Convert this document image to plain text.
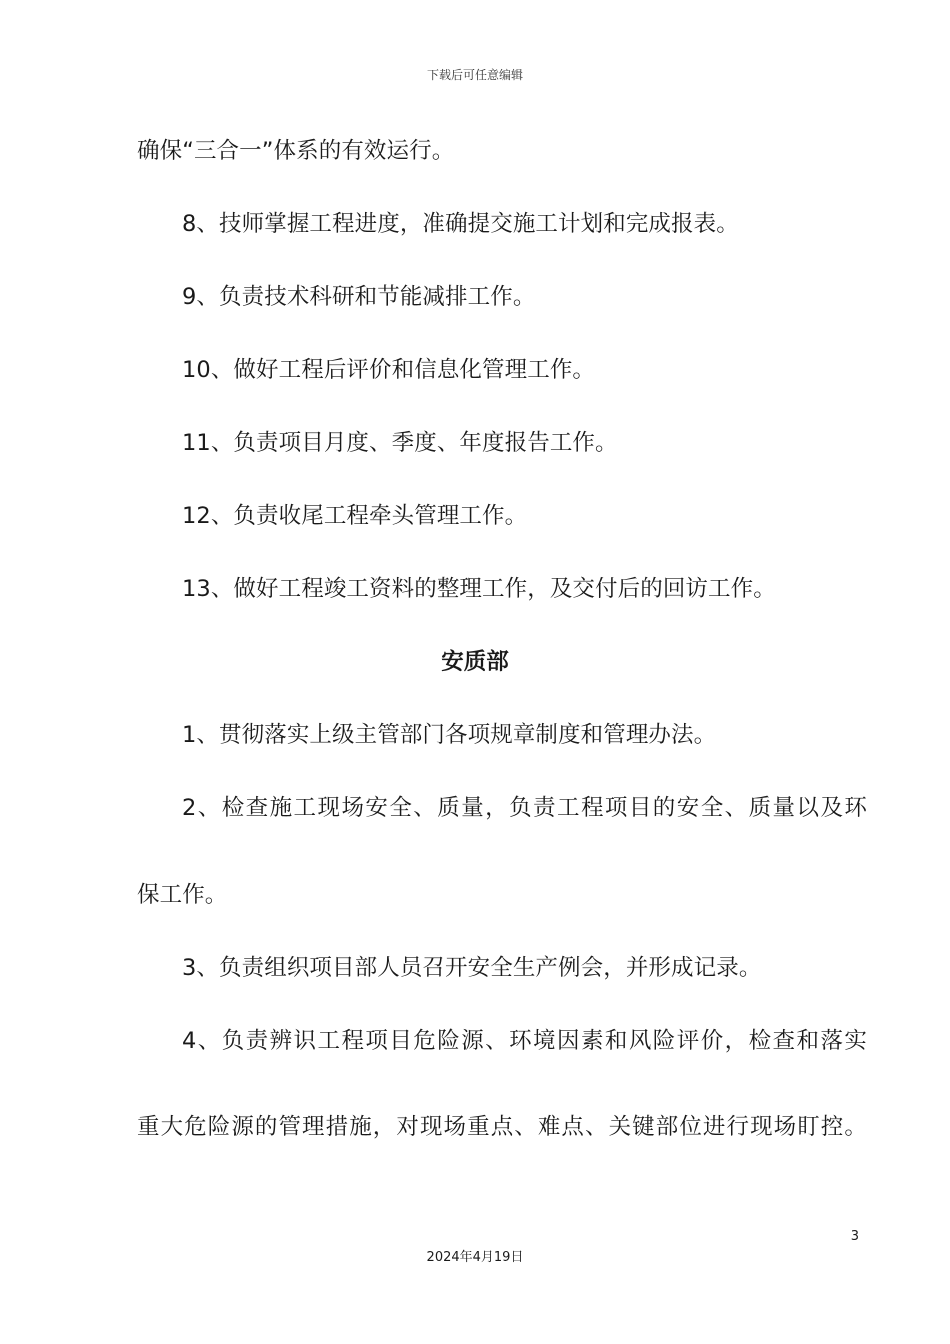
下载后可任意编辑
确保“三合一”体系的有效运行。
8、技师掌握工程进度，准确提交施工计划和完成报表。
9、负责技术科研和节能减排工作。
10、做好工程后评价和信息化管理工作。
11、负责项目月度、季度、年度报告工作。
12、负责收尾工程牵头管理工作。
13、做好工程竣工资料的整理工作，及交付后的回访工作。
安质部
1、贯彻落实上级主管部门各项规章制度和管理办法。
2、检查施工现场安全、质量，负责工程项目的安全、质量以及环
保工作。
3、负责组织项目部人员召开安全生产例会，并形成记录。
4、负责辨识工程项目危险源、环境因素和风险评价，检查和落实
重大危险源的管理措施，对现场重点、难点、关键部位进行现场盯控。
3
2024年4月19日
